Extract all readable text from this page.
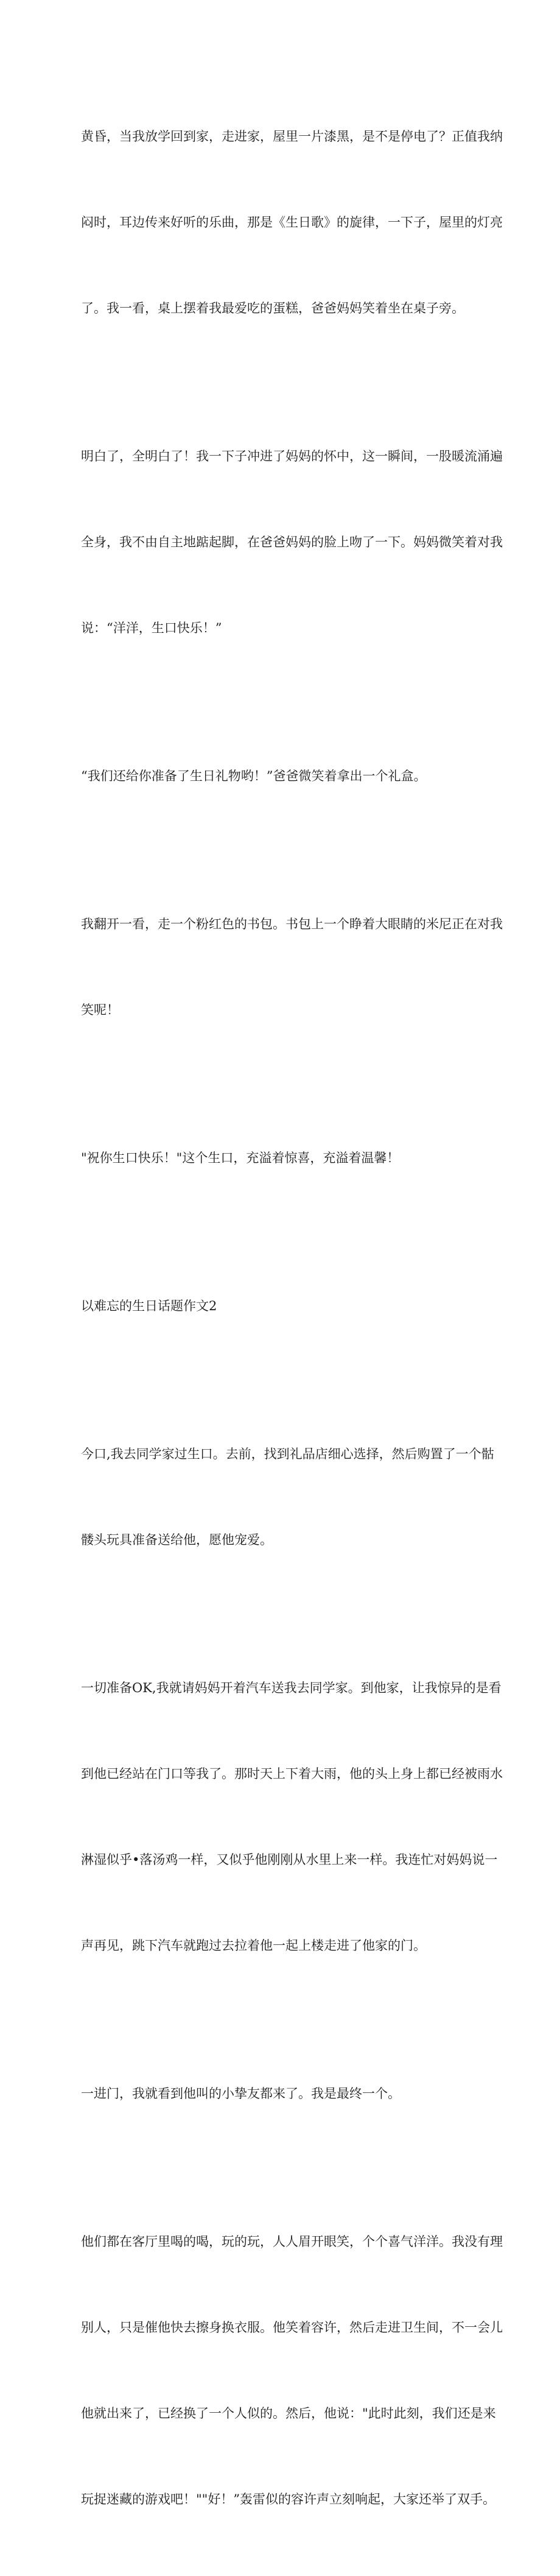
黄昏，当我放学回到家，走进家，屋里一片漆黑，是不是停电了？正值我纳

闷时，耳边传来好听的乐曲，那是《生日歌》的旋律，一下子，屋里的灯亮

了。我一看，桌上摆着我最爱吃的蛋糕，爸爸妈妈笑着坐在桌子旁。

明白了，全明白了！我一下子冲进了妈妈的怀中，这一瞬间，一股暖流涌遍

全身，我不由自主地踮起脚，在爸爸妈妈的脸上吻了一下。妈妈微笑着对我

说：“洋洋，生口快乐！”

“我们还给你准备了生日礼物哟！”爸爸微笑着拿出一个礼盒。

我翻开一看，走一个粉红色的书包。书包上一个睁着大眼睛的米尼正在对我

笑呢！

"祝你生口快乐！"这个生口，充溢着惊喜，充溢着温馨！

以难忘的生日话题作文2

今口,我去同学家过生口。去前，找到礼品店细心选择，然后购置了一个骷

髅头玩具准备送给他，愿他宠爱。

一切准备OK,我就请妈妈开着汽车送我去同学家。到他家，让我惊异的是看

到他已经站在门口等我了。那时天上下着大雨，他的头上身上都已经被雨水

淋湿似乎•落汤鸡一样，又似乎他刚刚从水里上来一样。我连忙对妈妈说一

声再见，跳下汽车就跑过去拉着他一起上楼走进了他家的门。

一进门，我就看到他叫的小挚友都来了。我是最终一个。

他们都在客厅里喝的喝，玩的玩，人人眉开眼笑，个个喜气洋洋。我没有理

别人，只是催他快去擦身换衣服。他笑着容许，然后走进卫生间，不一会儿

他就出来了，已经换了一个人似的。然后，他说："此时此刻，我们还是来

玩捉迷藏的游戏吧！""好！”轰雷似的容许声立刻响起，大家还举了双手。
